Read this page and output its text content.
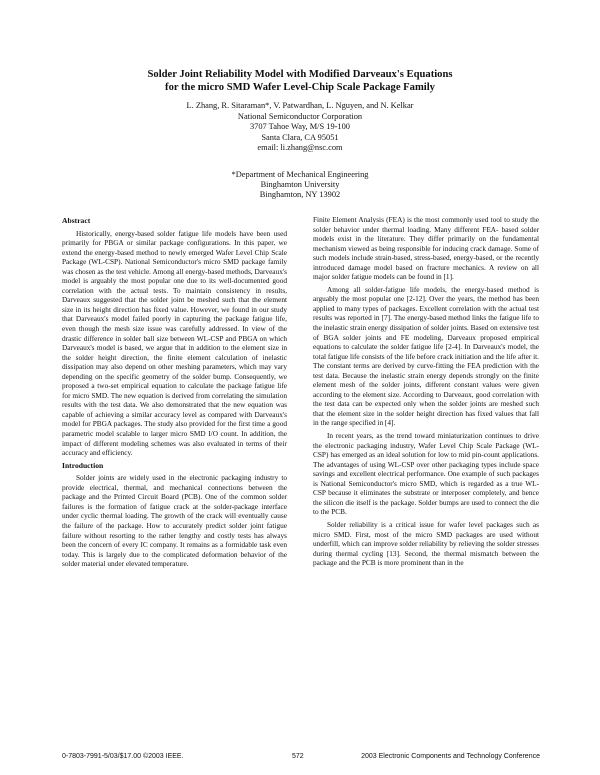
Solder Joint Reliability Model with Modified Darveaux's Equations
for the micro SMD Wafer Level-Chip Scale Package Family
L. Zhang, R. Sitaraman*, V. Patwardhan, L. Nguyen, and N. Kelkar
National Semiconductor Corporation
3707 Tahoe Way, M/S 19-100
Santa Clara, CA 95051
email: li.zhang@nsc.com
*Department of Mechanical Engineering
Binghamton University
Binghamton, NY 13902
Abstract

Historically, energy-based solder fatigue life models have been used primarily for PBGA or similar package configurations. In this paper, we extend the energy-based method to newly emerged Wafer Level Chip Scale Package (WL-CSP). National Semiconductor's micro SMD package family was chosen as the test vehicle. Among all energy-based methods, Darveaux's model is arguably the most popular one due to its well-documented good correlation with the actual tests. To maintain consistency in results, Darveaux suggested that the solder joint be meshed such that the element size in its height direction has fixed value. However, we found in our study that Darveaux's model failed poorly in capturing the package fatigue life, even though the mesh size issue was carefully addressed. In view of the drastic difference in solder ball size between WL-CSP and PBGA on which Darveaux's model is based, we argue that in addition to the element size in the solder height direction, the finite element calculation of inelastic dissipation may also depend on other meshing parameters, which may vary depending on the specific geometry of the solder bump. Consequently, we proposed a two-set empirical equation to calculate the package fatigue life for micro SMD. The new equation is derived from correlating the simulation results with the test data. We also demonstrated that the new equation was capable of achieving a similar accuracy level as compared with Darveaux's model for PBGA packages. The study also provided for the first time a good parametric model scalable to larger micro SMD I/O count. In addition, the impact of different modeling schemes was also evaluated in terms of their accuracy and efficiency.

Introduction

Solder joints are widely used in the electronic packaging industry to provide electrical, thermal, and mechanical connections between the package and the Printed Circuit Board (PCB). One of the common solder failures is the formation of fatigue crack at the solder-package interface under cyclic thermal loading. The growth of the crack will eventually cause the failure of the package. How to accurately predict solder joint fatigue failure without resorting to the rather lengthy and costly tests has always been the concern of every IC company. It remains as a formidable task even today. This is largely due to the complicated deformation behavior of the solder material under elevated temperature.

Finite Element Analysis (FEA) is the most commonly used tool to study the solder behavior under thermal loading. Many different FEA- based solder models exist in the literature. They differ primarily on the fundamental mechanism viewed as being responsible for inducing crack damage. Some of such models include strain-based, stress-based, energy-based, or the recently introduced damage model based on fracture mechanics. A review on all major solder fatigue models can be found in [1].

Among all solder-fatigue life models, the energy-based method is arguably the most popular one [2-12]. Over the years, the method has been applied to many types of packages. Excellent correlation with the actual test results was reported in [7]. The energy-based method links the fatigue life to the inelastic strain energy dissipation of solder joints. Based on extensive test of BGA solder joints and FE modeling, Darveaux proposed empirical equations to calculate the solder fatigue life [2-4]. In Darveaux's model, the total fatigue life consists of the life before crack initiation and the life after it. The constant terms are derived by curve-fitting the FEA prediction with the test data. Because the inelastic strain energy depends strongly on the finite element mesh of the solder joints, different constant values were given according to the element size. According to Darveaux, good correlation with the test data can be expected only when the solder joints are meshed such that the element size in the solder height direction has fixed values that fall in the range specified in [4].

In recent years, as the trend toward miniaturization continues to drive the electronic packaging industry, Wafer Level Chip Scale Package (WL-CSP) has emerged as an ideal solution for low to mid pin-count applications. The advantages of using WL-CSP over other packaging types include space savings and excellent electrical performance. One example of such packages is National Semiconductor's micro SMD, which is regarded as a true WL-CSP because it eliminates the substrate or interposer completely, and hence the silicon die itself is the package. Solder bumps are used to connect the die to the PCB.

Solder reliability is a critical issue for wafer level packages such as micro SMD. First, most of the micro SMD packages are used without underfill, which can improve solder reliability by relieving the solder stresses during thermal cycling [13]. Second, the thermal mismatch between the package and the PCB is more prominent than in the

0-7803-7991-5/03/$17.00 ©2003 IEEE.	572	2003 Electronic Components and Technology Conference
